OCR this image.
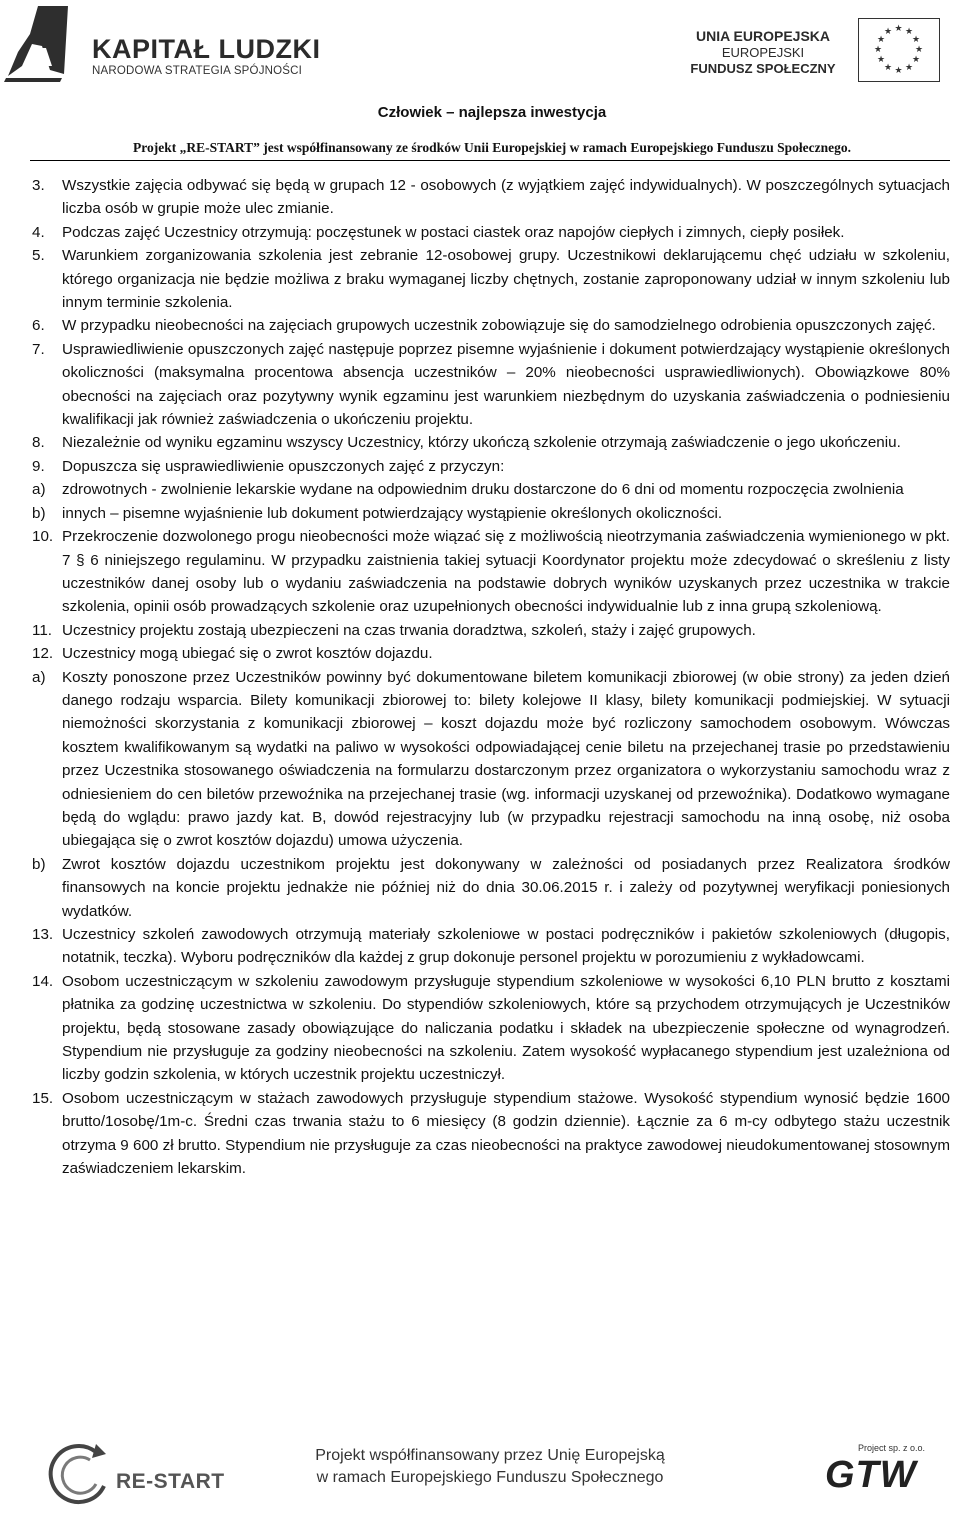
KAPITAŁ LUDZKI
NARODOWA STRATEGIA SPÓJNOŚCI
UNIA EUROPEJSKA
EUROPEJSKI
FUNDUSZ SPOŁECZNY
★ ★
★
★
★
★
★
★
★
★
★
★
Człowiek – najlepsza inwestycja
Projekt „RE-START” jest współfinansowany ze środków Unii Europejskiej w ramach Europejskiego Funduszu Społecznego.
3.	Wszystkie zajęcia odbywać się będą w grupach 12 - osobowych (z wyjątkiem zajęć indywidualnych). W poszczególnych sytuacjach liczba osób w grupie może ulec zmianie.
4.	Podczas zajęć Uczestnicy otrzymują: poczęstunek w postaci ciastek oraz napojów ciepłych i zimnych, ciepły posiłek.
5.	Warunkiem zorganizowania szkolenia jest zebranie 12-osobowej grupy. Uczestnikowi deklarującemu chęć udziału w szkoleniu, którego organizacja nie będzie możliwa z braku wymaganej liczby chętnych, zostanie zaproponowany udział w innym szkoleniu lub innym terminie szkolenia.
6.	W przypadku nieobecności na zajęciach grupowych uczestnik zobowiązuje się do samodzielnego odrobienia opuszczonych zajęć.
7.	Usprawiedliwienie opuszczonych zajęć następuje poprzez pisemne wyjaśnienie i dokument potwierdzający wystąpienie określonych okoliczności (maksymalna procentowa absencja uczestników – 20% nieobecności usprawiedliwionych). Obowiązkowe 80% obecności na zajęciach oraz pozytywny wynik egzaminu jest warunkiem niezbędnym do uzyskania zaświadczenia o podniesieniu kwalifikacji jak również zaświadczenia o ukończeniu projektu.
8.	Niezależnie od wyniku egzaminu wszyscy Uczestnicy, którzy ukończą szkolenie otrzymają zaświadczenie o jego ukończeniu.
9.	Dopuszcza się usprawiedliwienie opuszczonych zajęć z przyczyn:
a)	zdrowotnych - zwolnienie lekarskie wydane na odpowiednim druku dostarczone do 6 dni od momentu rozpoczęcia zwolnienia
b)	innych – pisemne wyjaśnienie lub dokument potwierdzający wystąpienie określonych okoliczności.
10. Przekroczenie dozwolonego progu nieobecności może wiązać się z możliwością nieotrzymania zaświadczenia wymienionego w pkt. 7 § 6 niniejszego regulaminu. W przypadku zaistnienia takiej sytuacji Koordynator projektu może zdecydować o skreśleniu z listy uczestników danej osoby lub o wydaniu zaświadczenia na podstawie dobrych wyników uzyskanych przez uczestnika w trakcie szkolenia, opinii osób prowadzących szkolenie oraz uzupełnionych obecności indywidualnie lub z inna grupą szkoleniową.
11. Uczestnicy projektu zostają ubezpieczeni na czas trwania doradztwa, szkoleń, staży i zajęć grupowych.
12. Uczestnicy mogą ubiegać się o zwrot kosztów dojazdu.
a)	Koszty ponoszone przez Uczestników powinny być dokumentowane biletem komunikacji zbiorowej (w obie strony) za jeden dzień danego rodzaju wsparcia. Bilety komunikacji zbiorowej to: bilety kolejowe II klasy, bilety komunikacji podmiejskiej. W sytuacji niemożności skorzystania z komunikacji zbiorowej – koszt dojazdu może być rozliczony samochodem osobowym. Wówczas kosztem kwalifikowanym są wydatki na paliwo w wysokości odpowiadającej cenie biletu na przejechanej trasie po przedstawieniu przez Uczestnika stosowanego oświadczenia na formularzu dostarczonym przez organizatora o wykorzystaniu samochodu wraz z odniesieniem do cen biletów przewoźnika na przejechanej trasie (wg. informacji uzyskanej od przewoźnika). Dodatkowo wymagane będą do wglądu: prawo jazdy kat. B, dowód rejestracyjny lub (w przypadku rejestracji samochodu na inną osobę, niż osoba ubiegająca się o zwrot kosztów dojazdu) umowa użyczenia.
b)	Zwrot kosztów dojazdu uczestnikom projektu jest dokonywany w zależności od posiadanych przez Realizatora środków finansowych na koncie projektu jednakże nie później niż do dnia 30.06.2015 r. i zależy od pozytywnej weryfikacji poniesionych wydatków.
13. Uczestnicy szkoleń zawodowych otrzymują materiały szkoleniowe w postaci podręczników i pakietów szkoleniowych (długopis, notatnik, teczka). Wyboru podręczników dla każdej z grup dokonuje personel projektu w porozumieniu z wykładowcami.
14. Osobom uczestniczącym w szkoleniu zawodowym przysługuje stypendium szkoleniowe w wysokości 6,10 PLN brutto z kosztami płatnika za godzinę uczestnictwa w szkoleniu. Do stypendiów szkoleniowych, które są przychodem otrzymujących je Uczestników projektu, będą stosowane zasady obowiązujące do naliczania podatku i składek na ubezpieczenie społeczne od wynagrodzeń. Stypendium nie przysługuje za godziny nieobecności na szkoleniu. Zatem wysokość wypłacanego stypendium jest uzależniona od liczby godzin szkolenia, w których uczestnik projektu uczestniczył.
15. Osobom uczestniczącym w stażach zawodowych przysługuje stypendium stażowe. Wysokość stypendium wynosić będzie 1600 brutto/1osobę/1m-c. Średni czas trwania stażu to 6 miesięcy (8 godzin dziennie). Łącznie za 6 m-cy odbytego stażu uczestnik otrzyma 9 600 zł brutto. Stypendium nie przysługuje za czas nieobecności na praktyce zawodowej nieudokumentowanej stosownym zaświadczeniem lekarskim.
RE-START
Projekt współfinansowany przez Unię Europejską
w ramach Europejskiego Funduszu Społecznego
Project sp. z o.o.
GTW
